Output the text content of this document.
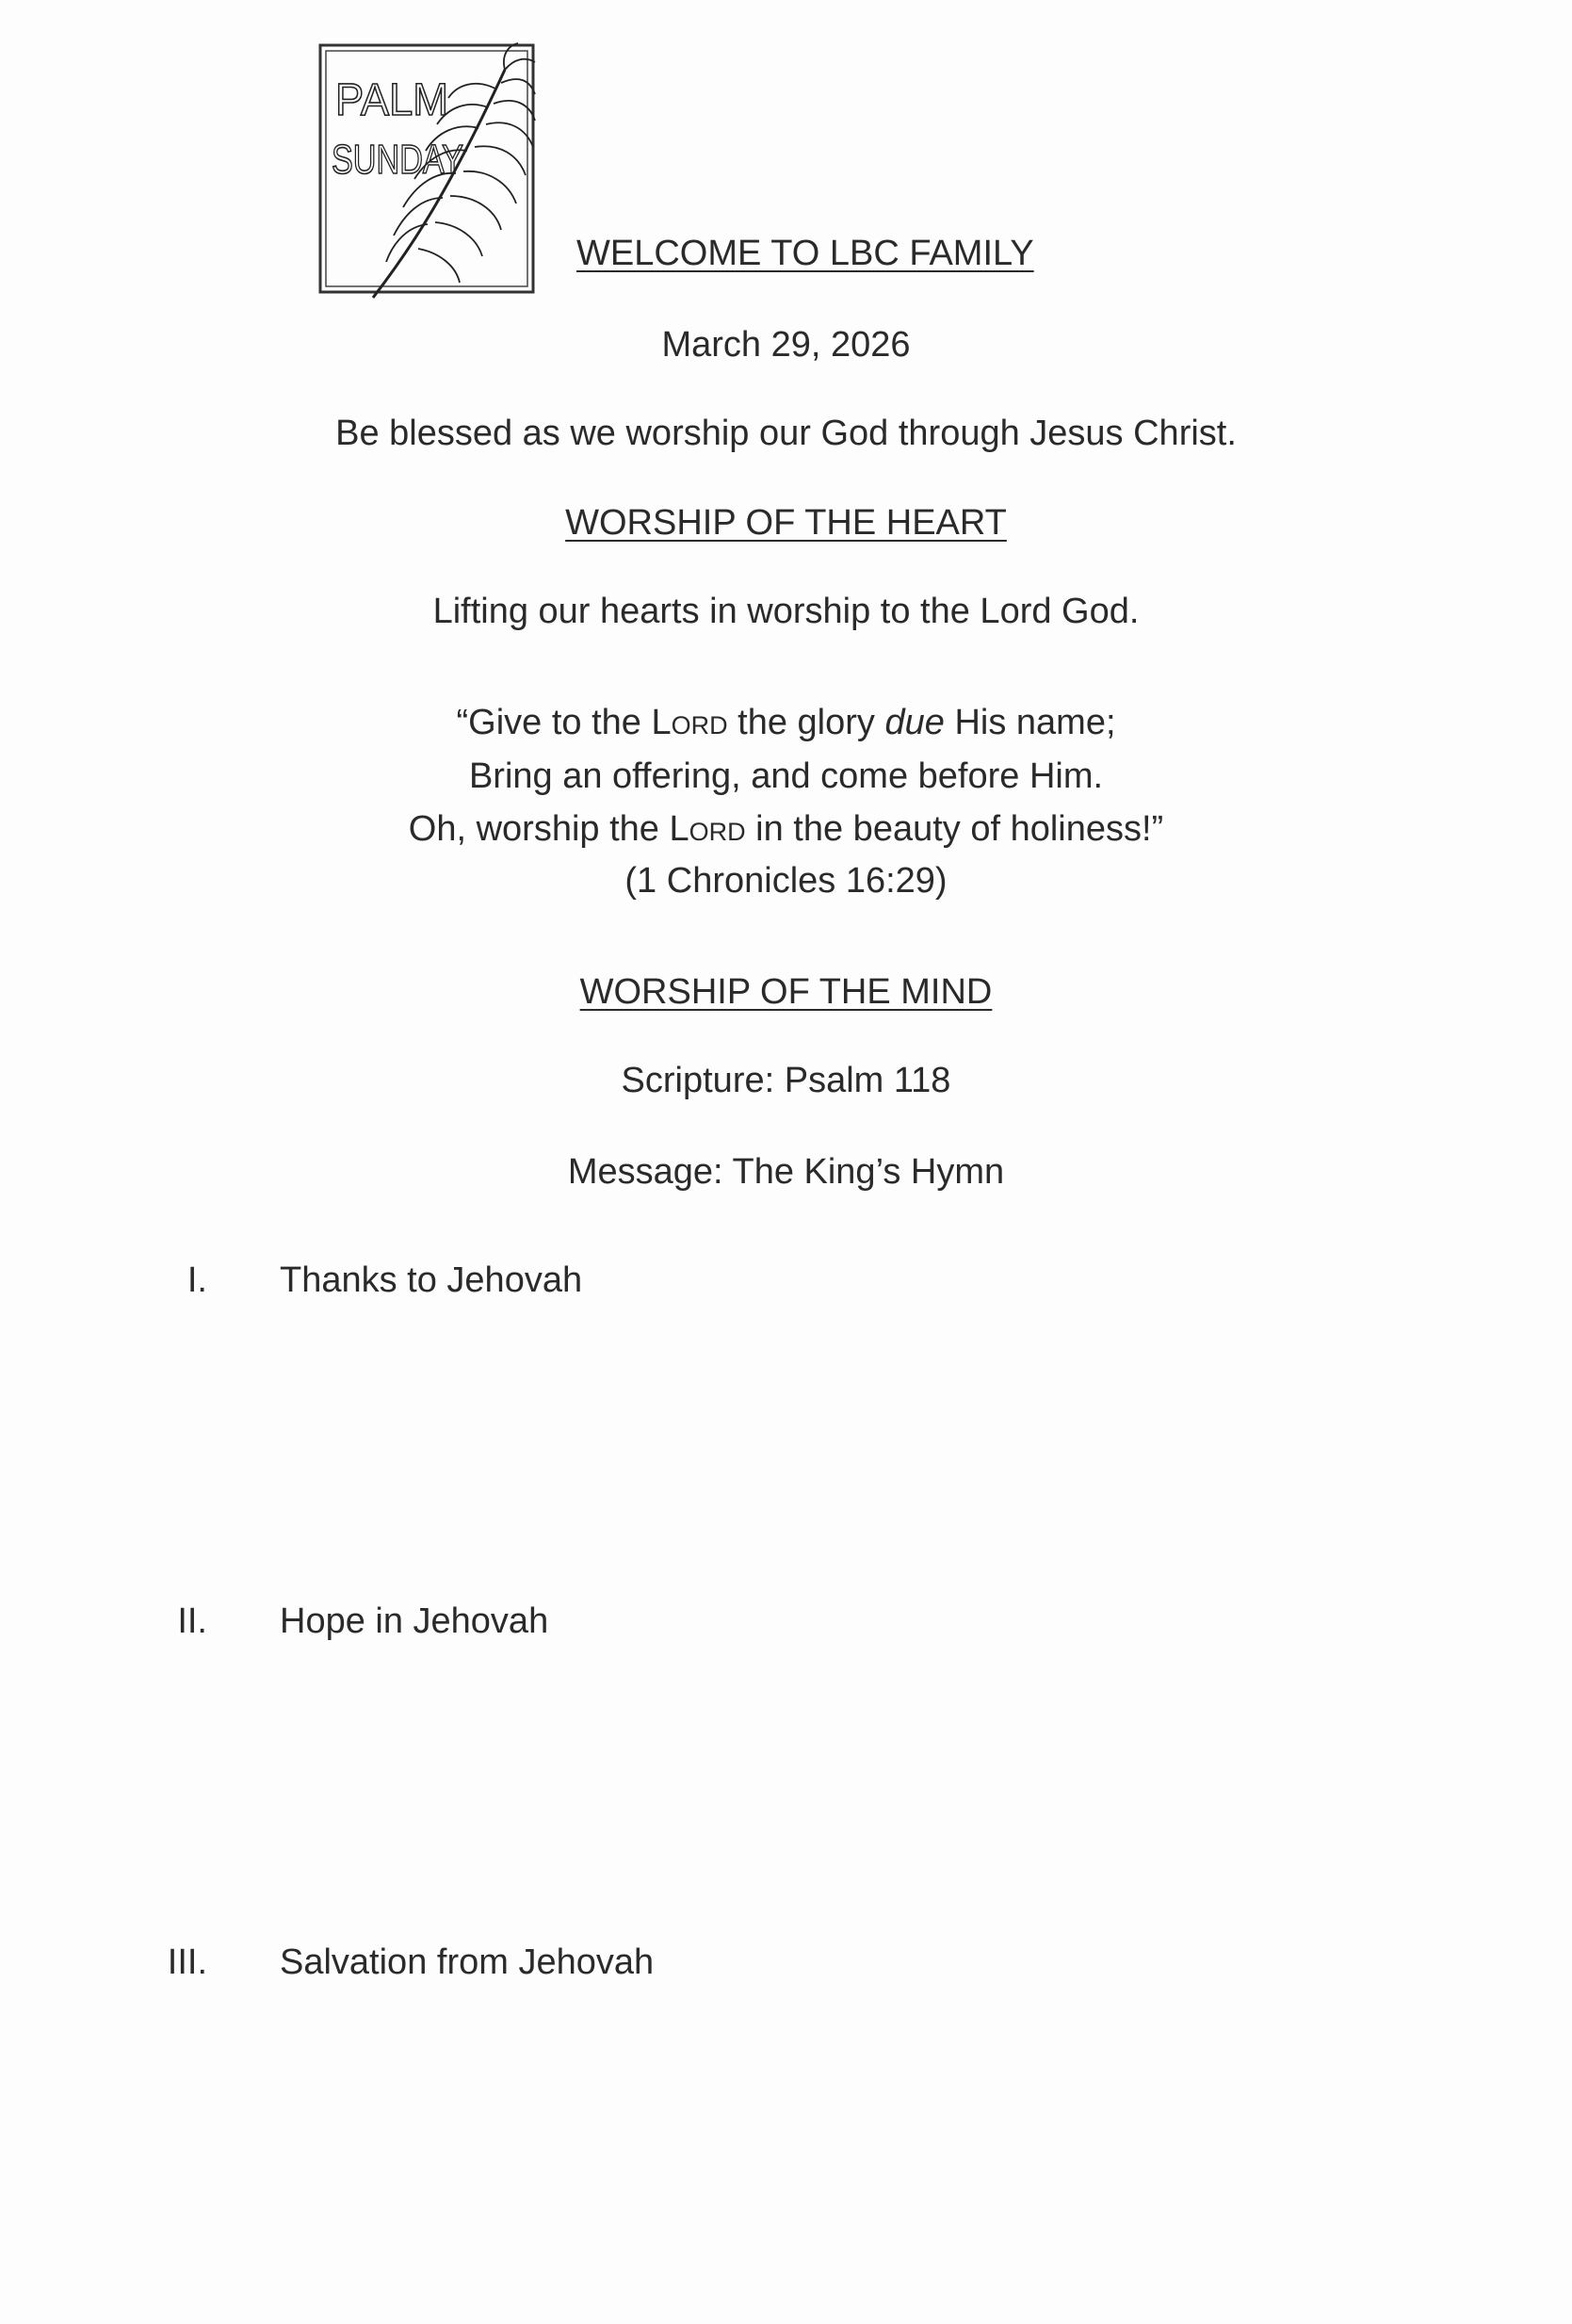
PALM
SUNDAY
WELCOME TO LBC FAMILY
March 29, 2026
Be blessed as we worship our God through Jesus Christ.
WORSHIP OF THE HEART
Lifting our hearts in worship to the Lord God.
“Give to the Lord the glory due His name;
Bring an offering, and come before Him.
Oh, worship the Lord in the beauty of holiness!”
(1 Chronicles 16:29)
WORSHIP OF THE MIND
Scripture: Psalm 118
Message: The King’s Hymn
I. Thanks to Jehovah
II. Hope in Jehovah
III. Salvation from Jehovah
